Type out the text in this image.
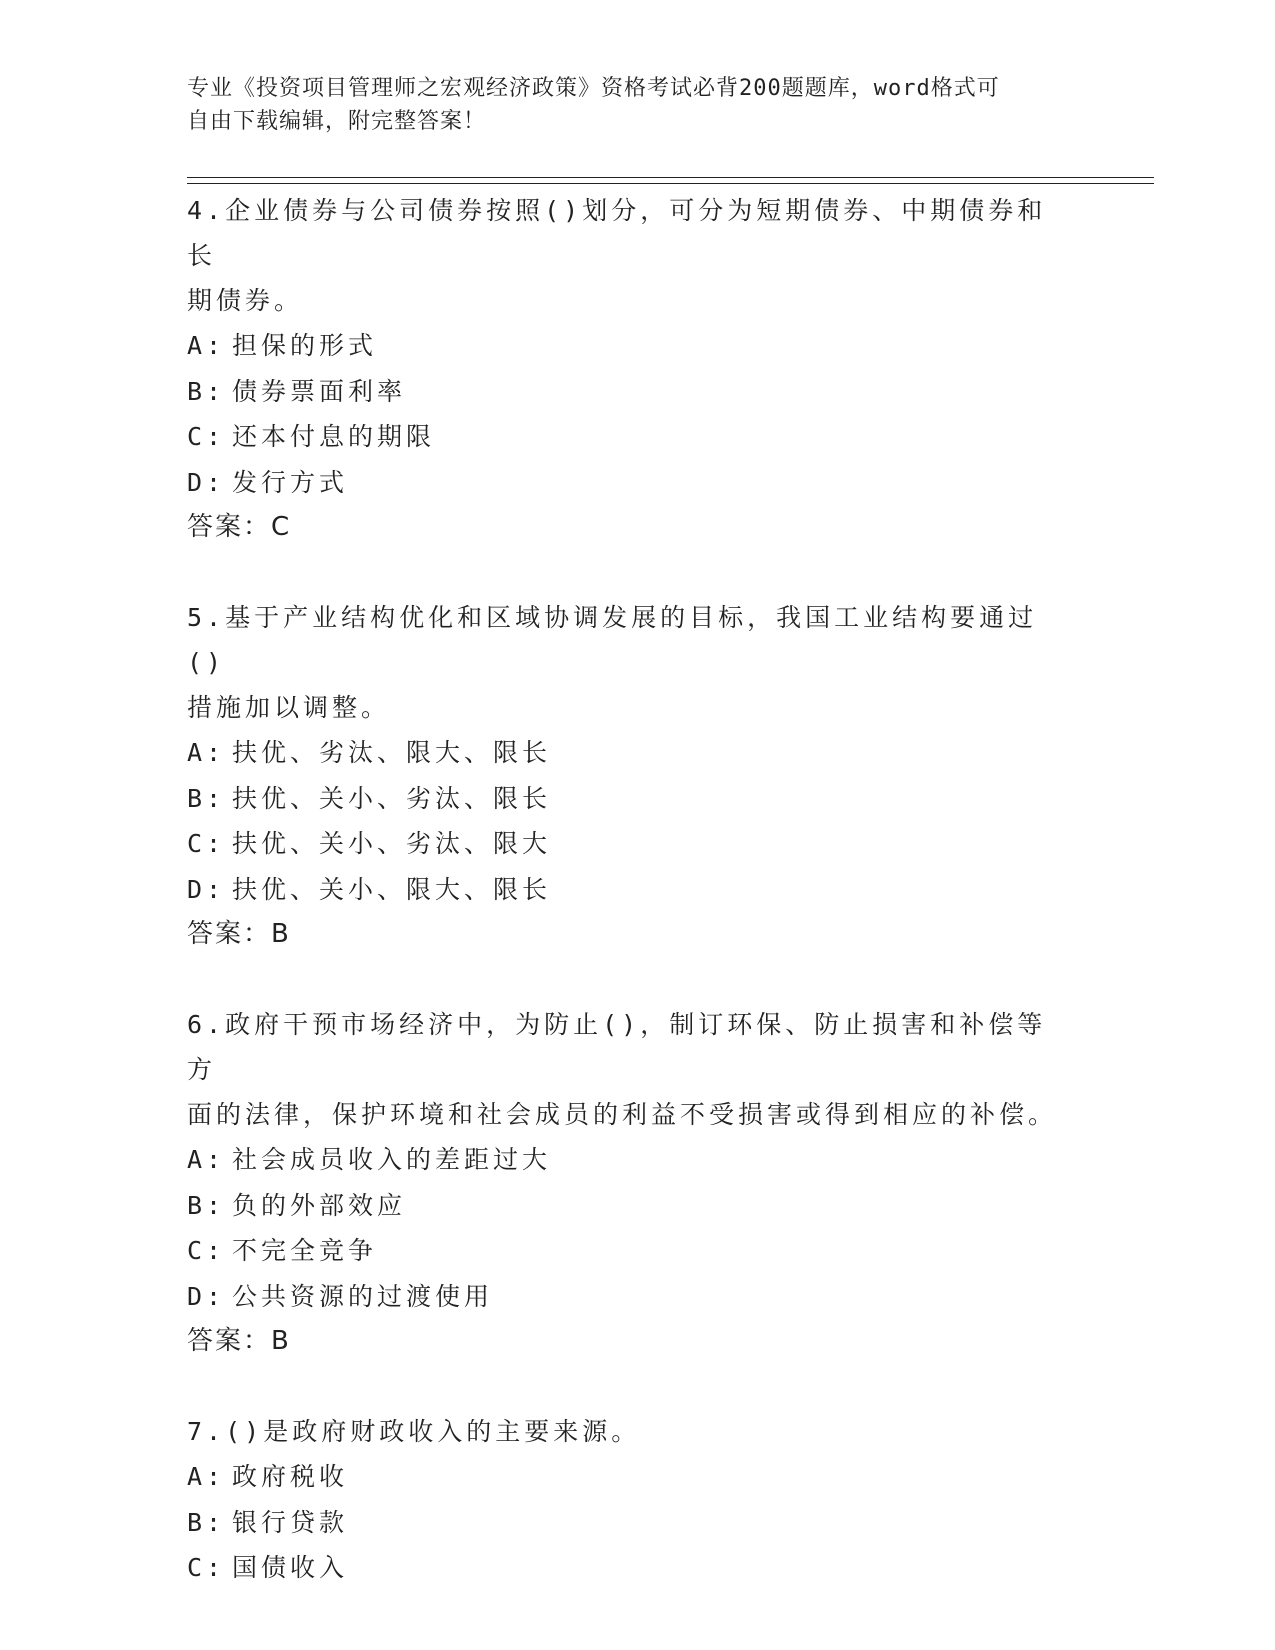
专业《投资项目管理师之宏观经济政策》资格考试必背200题题库，word格式可
自由下载编辑，附完整答案！
4.企业债券与公司债券按照()划分，可分为短期债券、中期债券和长
期债券。
A: 担保的形式
B: 债券票面利率
C: 还本付息的期限
D: 发行方式
答案：C
5.基于产业结构优化和区域协调发展的目标，我国工业结构要通过()
措施加以调整。
A: 扶优、劣汰、限大、限长
B: 扶优、关小、劣汰、限长
C: 扶优、关小、劣汰、限大
D: 扶优、关小、限大、限长
答案：B
6.政府干预市场经济中，为防止()，制订环保、防止损害和补偿等方
面的法律，保护环境和社会成员的利益不受损害或得到相应的补偿。
A: 社会成员收入的差距过大
B: 负的外部效应
C: 不完全竞争
D: 公共资源的过渡使用
答案：B
7.()是政府财政收入的主要来源。
A: 政府税收
B: 银行贷款
C: 国债收入
